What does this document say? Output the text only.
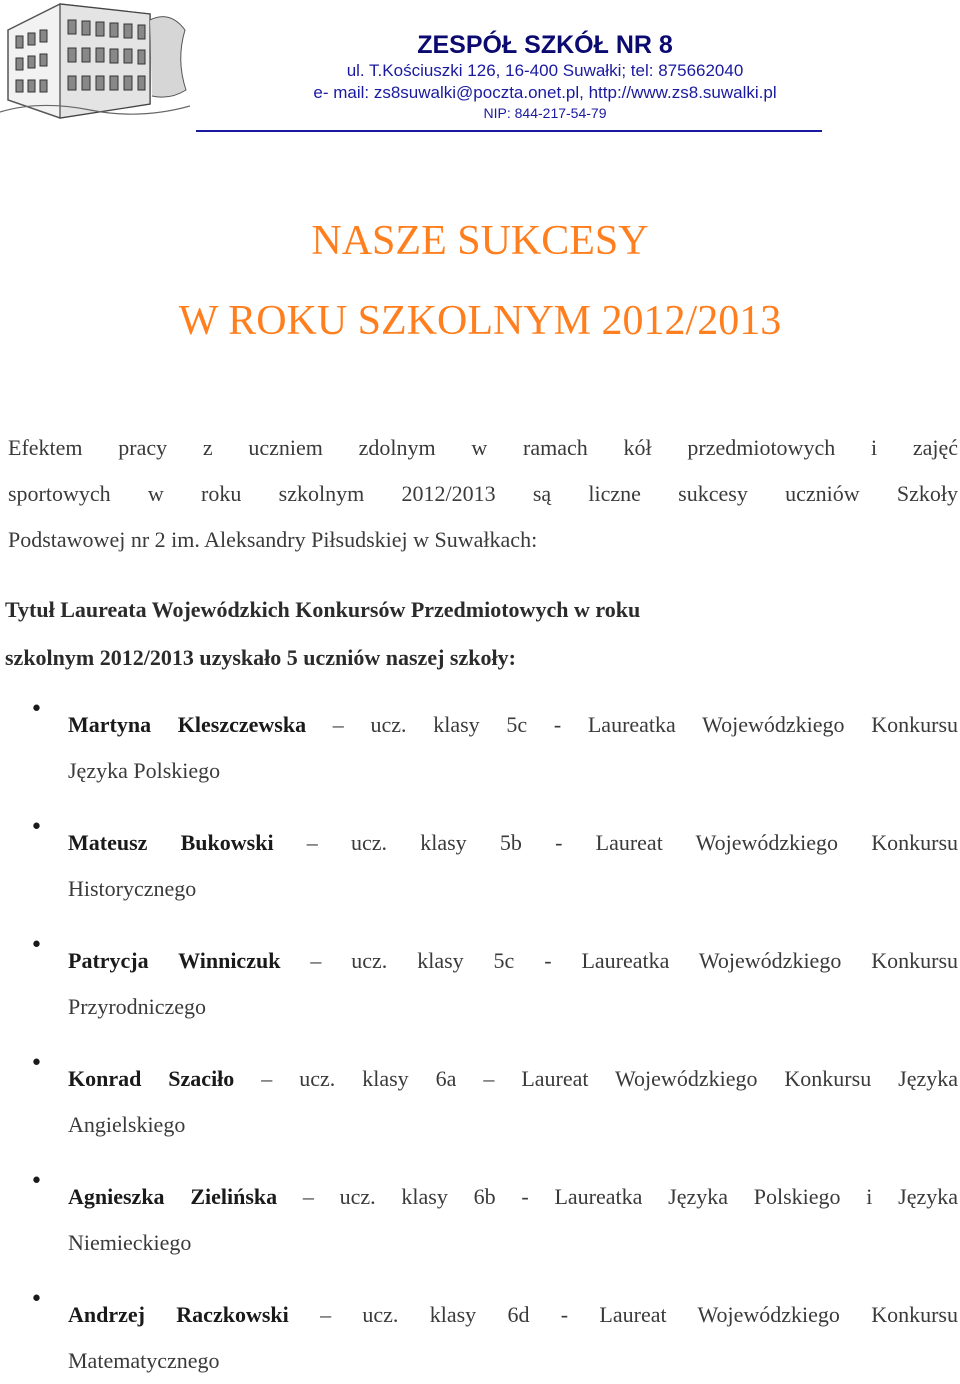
ZESPÓŁ SZKÓŁ NR 8
ul. T.Kościuszki 126, 16-400 Suwałki; tel: 875662040
e- mail: zs8suwalki@poczta.onet.pl, http://www.zs8.suwalki.pl
NIP: 844-217-54-79
NASZE SUKCESY
W ROKU SZKOLNYM 2012/2013
Efektem pracy z uczniem zdolnym w ramach kół przedmiotowych i zajęć
sportowych w roku szkolnym 2012/2013 są liczne sukcesy uczniów Szkoły
Podstawowej nr 2 im. Aleksandry Piłsudskiej w Suwałkach:
Tytuł Laureata Wojewódzkich Konkursów Przedmiotowych w roku
szkolnym 2012/2013 uzyskało 5 uczniów naszej szkoły:
•
Martyna Kleszczewska – ucz. klasy 5c - Laureatka Wojewódzkiego Konkursu
Języka Polskiego
•
Mateusz Bukowski – ucz. klasy 5b - Laureat Wojewódzkiego Konkursu
Historycznego
•
Patrycja Winniczuk – ucz. klasy 5c - Laureatka Wojewódzkiego Konkursu
Przyrodniczego
•
Konrad Szaciło – ucz. klasy 6a – Laureat Wojewódzkiego Konkursu Języka
Angielskiego
•
Agnieszka Zielińska – ucz. klasy 6b - Laureatka Języka Polskiego i Języka
Niemieckiego
•
Andrzej Raczkowski – ucz. klasy 6d - Laureat Wojewódzkiego Konkursu
Matematycznego
